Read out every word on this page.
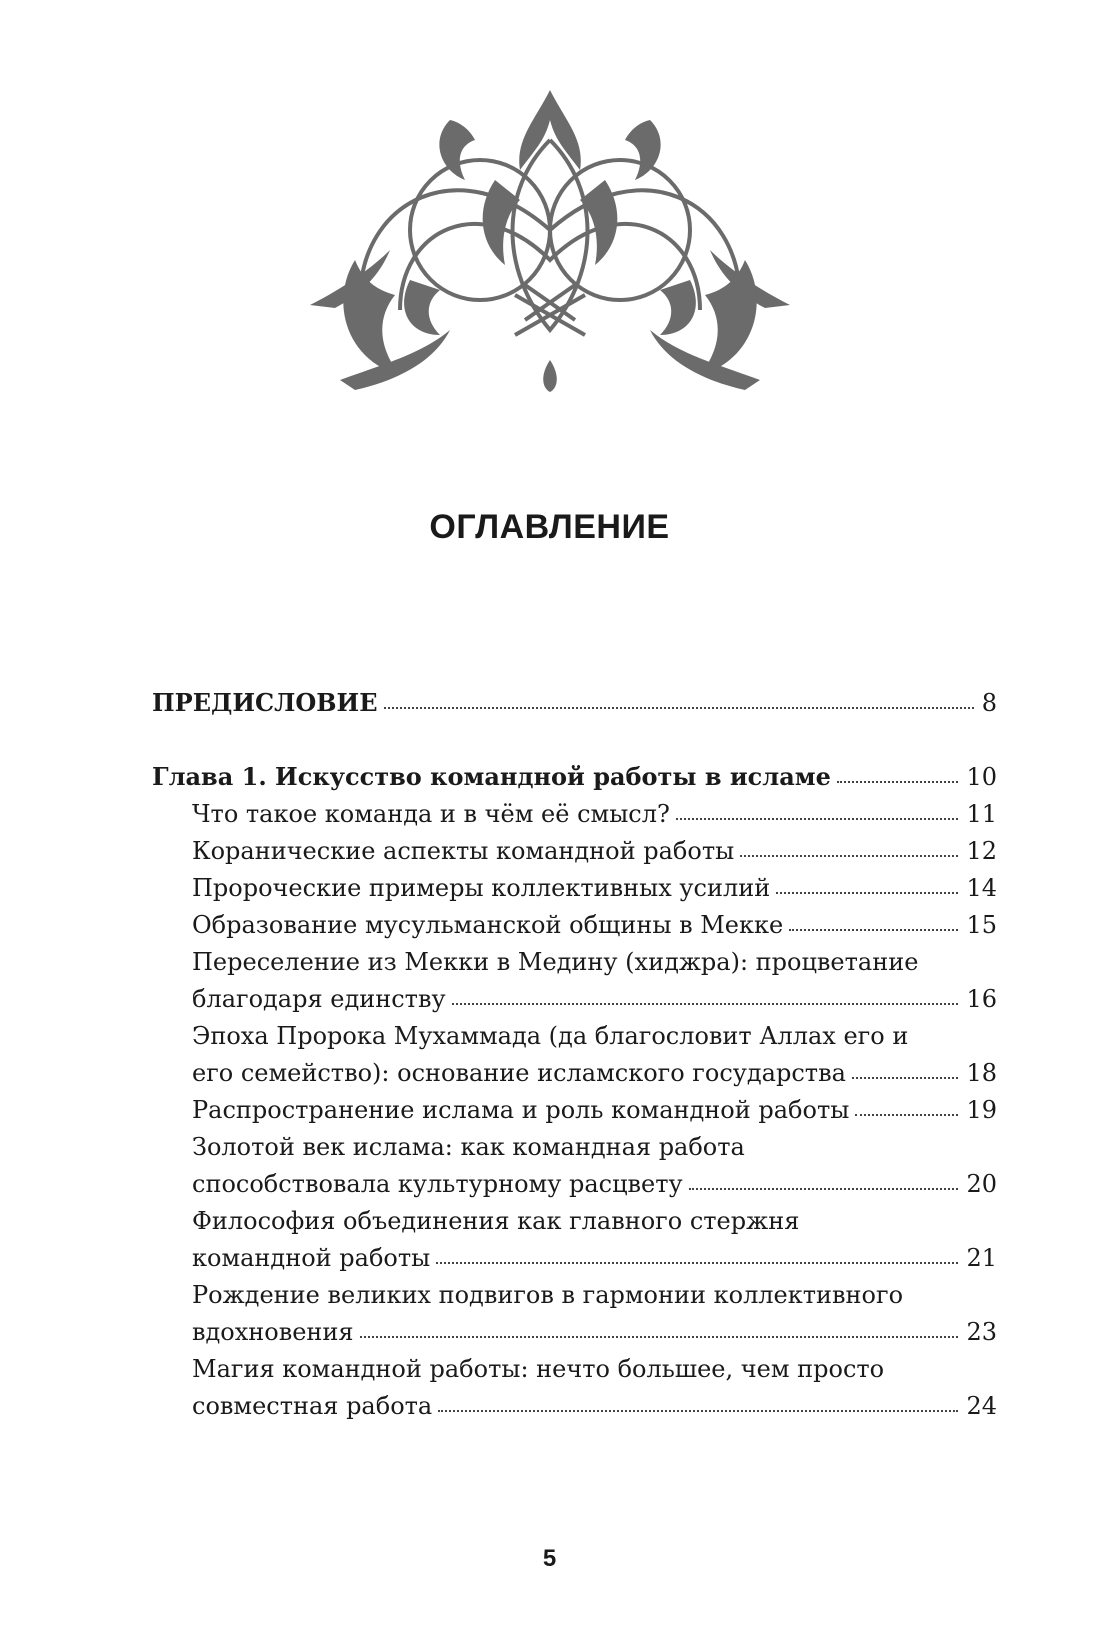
ОГЛАВЛЕНИЕ
ПРЕДИСЛОВИЕ	8
Глава 1. Искусство командной работы в исламе	10
Что такое команда и в чём её смысл?	11
Коранические аспекты командной работы	12
Пророческие примеры коллективных усилий	14
Образование мусульманской общины в Мекке	15
Переселение из Мекки в Медину (хиджра): процветание
благодаря единству	16
Эпоха Пророка Мухаммада (да благословит Аллах его и
его семейство): основание исламского государства	18
Распространение ислама и роль командной работы	19
Золотой век ислама: как командная работа
способствовала культурному расцвету	20
Философия объединения как главного стержня
командной работы	21
Рождение великих подвигов в гармонии коллективного
вдохновения	23
Магия командной работы: нечто большее, чем просто
совместная работа	24
5
